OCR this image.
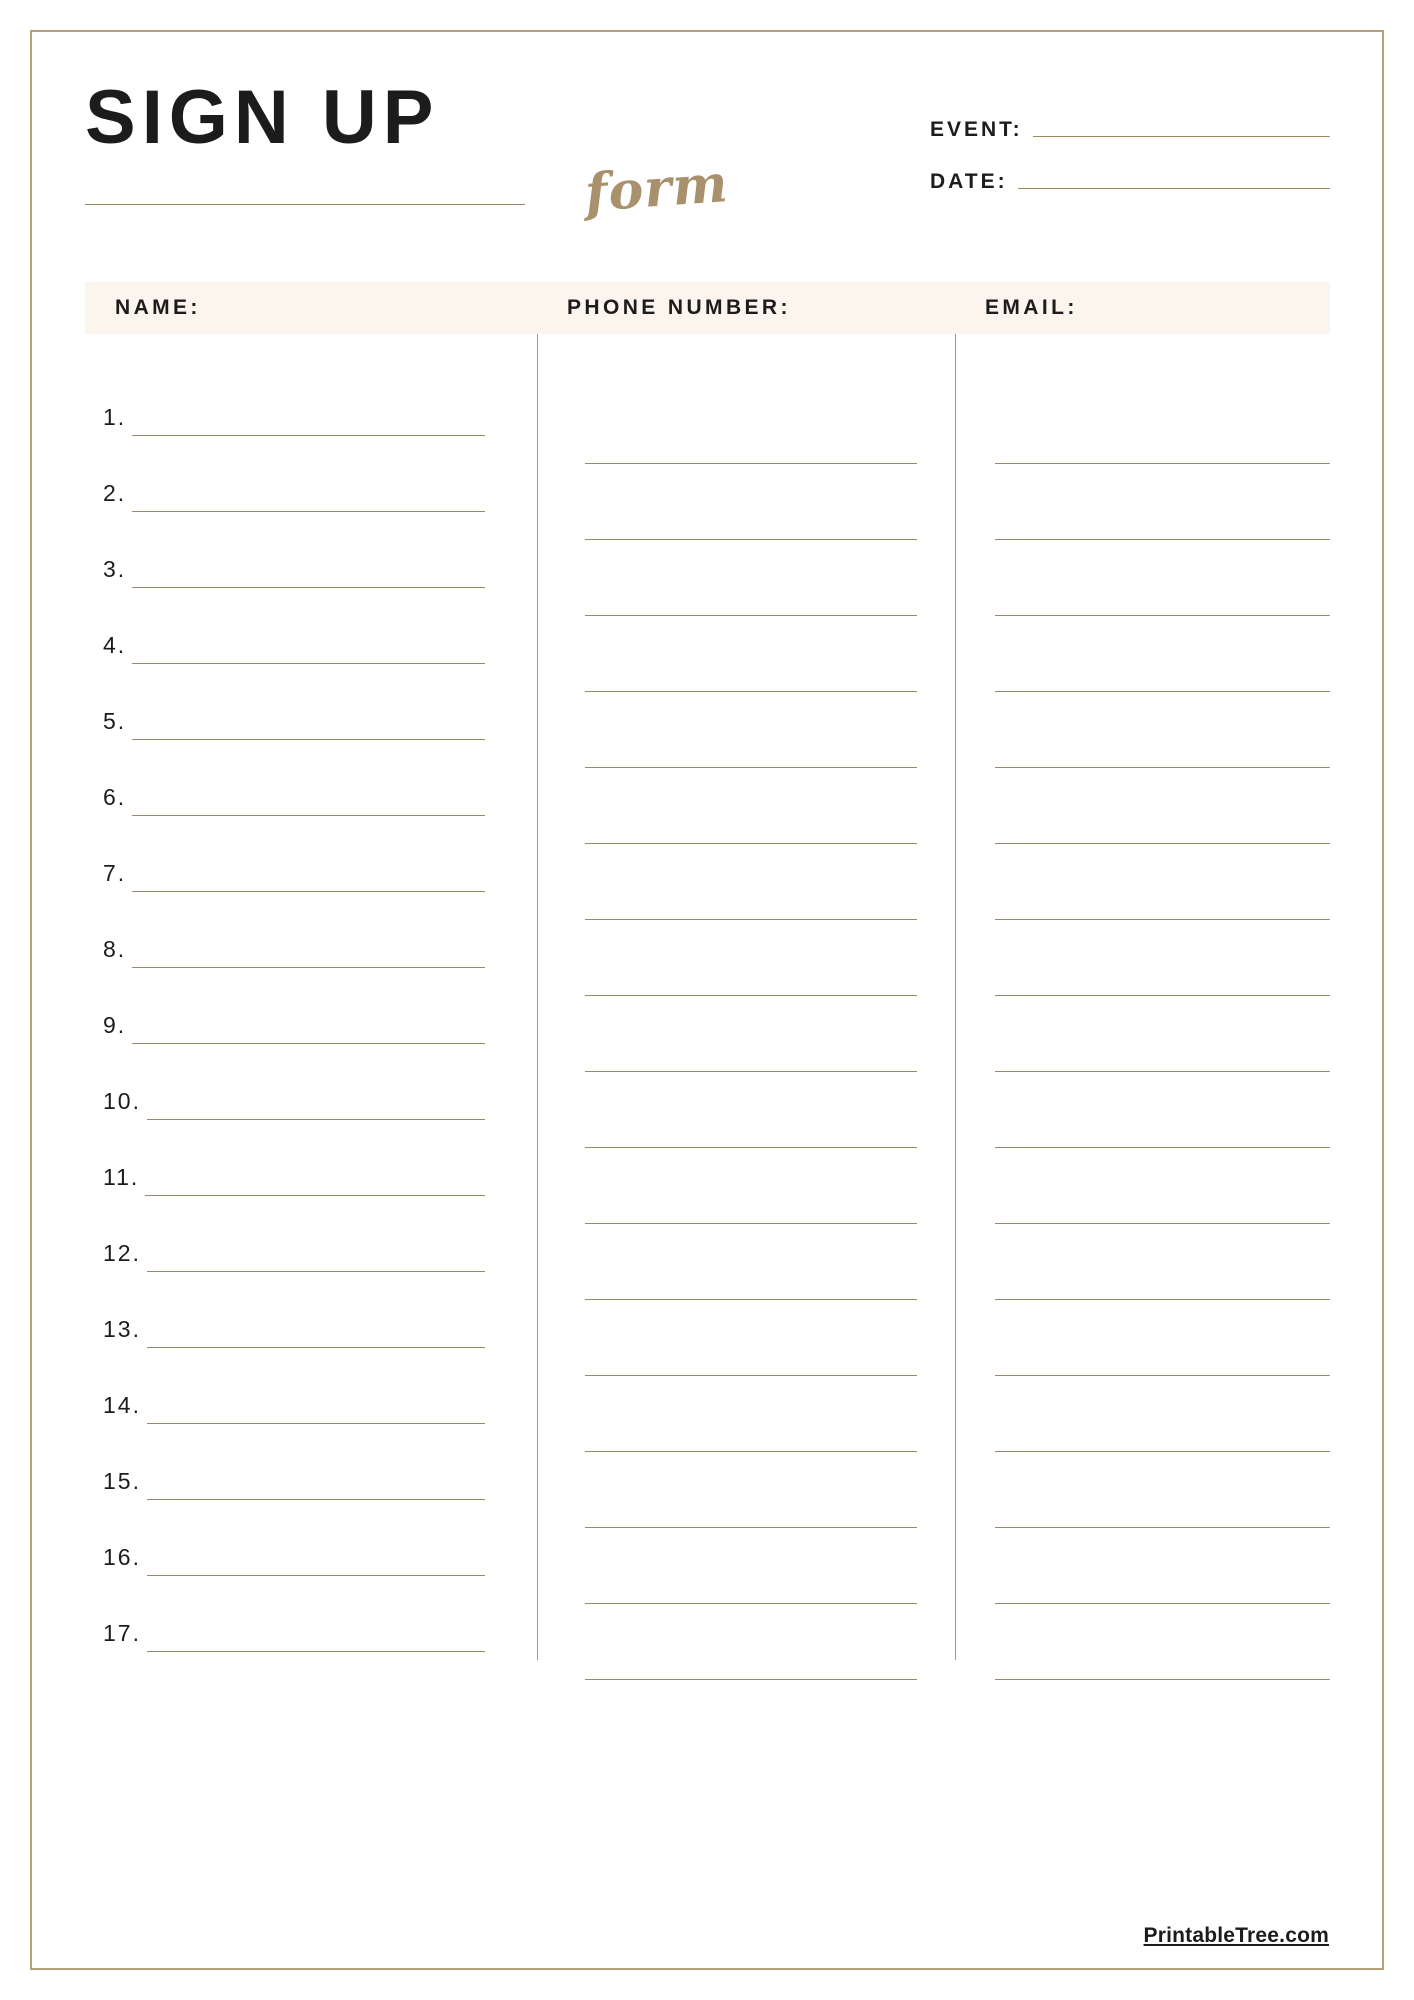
SIGN UP
form
EVENT:
DATE:
NAME:	PHONE NUMBER:	EMAIL:
1.
2.
3.
4.
5.
6.
7.
8.
9.
10.
11.
12.
13.
14.
15.
16.
17.
PrintableTree.com
